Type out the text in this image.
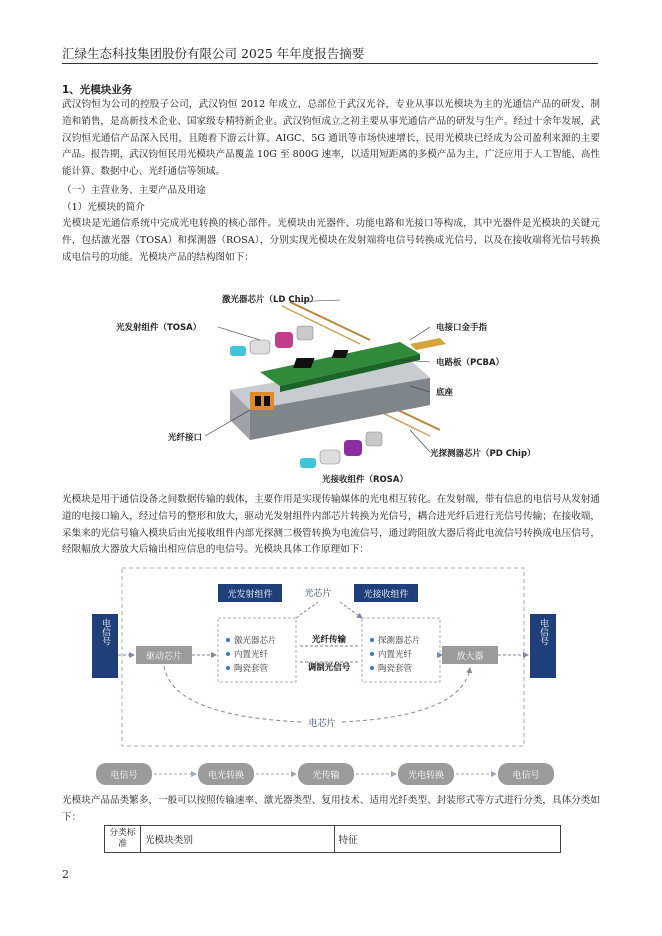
汇绿生态科技集团股份有限公司 2025 年年度报告摘要
1、光模块业务
武汉钧恒为公司的控股子公司，武汉钧恒 2012 年成立，总部位于武汉光谷，专业从事以光模块为主的光通信产品的研发、制造和销售，是高新技术企业、国家级专精特新企业。武汉钧恒成立之初主要从事光通信产品的研发与生产。经过十余年发展，武汉钧恒光通信产品深入民用，且随着下游云计算、AIGC、5G 通讯等市场快速增长，民用光模块已经成为公司盈利来源的主要产品。报告期，武汉钧恒民用光模块产品覆盖 10G 至 800G 速率，以适用短距离的多模产品为主，广泛应用于人工智能、高性能计算、数据中心、光纤通信等领域。
（一）主营业务、主要产品及用途
（1）光模块的简介
光模块是光通信系统中完成光电转换的核心部件。光模块由光器件、功能电路和光接口等构成，其中光器件是光模块的关键元件，包括激光器（TOSA）和探测器（ROSA），分别实现光模块在发射端将电信号转换成光信号，以及在接收端将光信号转换成电信号的功能。光模块产品的结构图如下：
激光器芯片（LD Chip）
光发射组件（TOSA）	电接口金手指
电路板（PCBA）
底座
光纤接口
光探测器芯片（PD Chip）
光接收组件（ROSA）
光模块是用于通信设备之间数据传输的载体，主要作用是实现传输媒体的光电相互转化。在发射端，带有信息的电信号从发射通道的电接口输入，经过信号的整形和放大，驱动光发射组件内部芯片转换为光信号，耦合进光纤后进行光信号传输；在接收端，采集来的光信号输入模块后由光接收组件内部光探测二极管转换为电流信号，通过跨阻放大器后将此电流信号转换成电压信号，经限幅放大器放大后输出相应信息的电信号。光模块具体工作原理如下：
电信号	电信号
光发射组件	光接收组件
光芯片
驱动芯片	放大器
激光器芯片
内置光纤
陶瓷套管
探测器芯片
内置光纤
陶瓷套管
光纤传输
调制光信号
电芯片
电信号	电光转换	光传输	光电转换	电信号
光模块产品品类繁多，一般可以按照传输速率、激光器类型、复用技术、适用光纤类型、封装形式等方式进行分类，具体分类如下：
分类标准	光模块类别	特征
2
